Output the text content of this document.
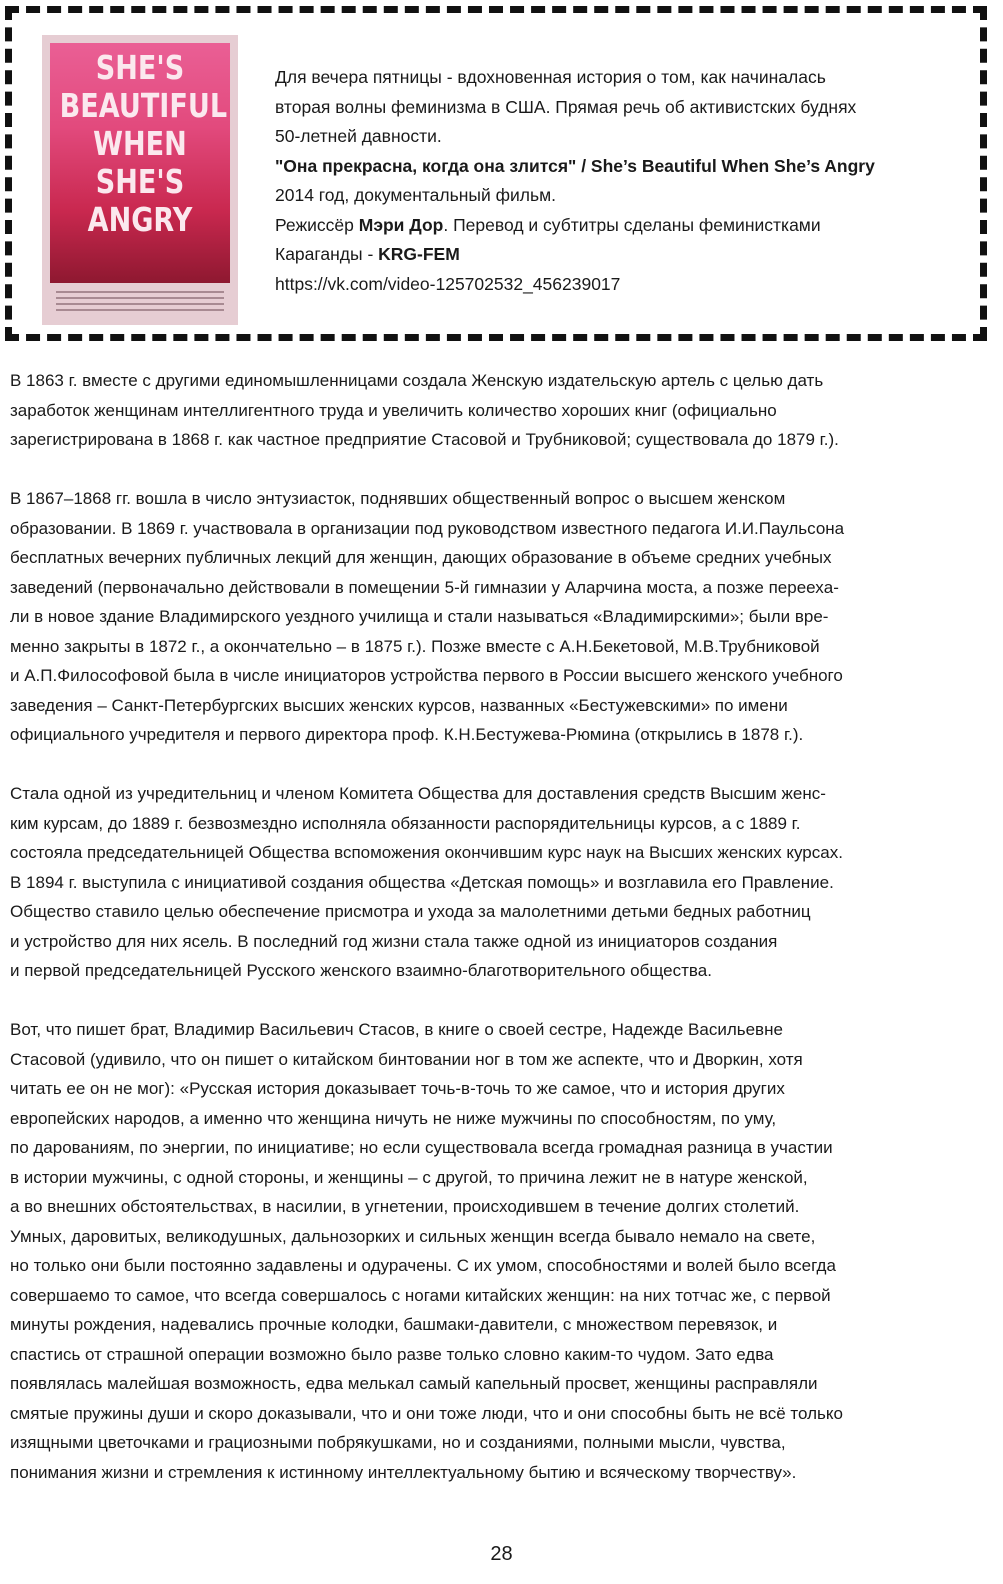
SHE'S
BEAUTIFUL
WHEN
SHE'S
ANGRY
Для вечера пятницы - вдохновенная история о том, как начиналась
вторая волны феминизма в США. Прямая речь об активистских буднях
50-летней давности.
"Она прекрасна, когда она злится" / She’s Beautiful When She’s Angry
2014 год, документальный фильм.
Режиссёр Мэри Дор. Перевод и субтитры сделаны феминистками
Караганды - KRG-FEM
https://vk.com/video-125702532_456239017
В 1863 г. вместе с другими единомышленницами создала Женскую издательскую артель с целью дать
заработок женщинам интеллигентного труда и увеличить количество хороших книг (официально
зарегистрирована в 1868 г. как частное предприятие Стасовой и Трубниковой; существовала до 1879 г.).
В 1867–1868 гг. вошла в число энтузиасток, поднявших общественный вопрос о высшем женском
образовании. В 1869 г. участвовала в организации под руководством известного педагога И.И.Паульсона
бесплатных вечерних публичных лекций для женщин, дающих образование в объеме средних учебных
заведений (первоначально действовали в помещении 5-й гимназии у Аларчина моста, а позже переехa-
ли в новое здание Владимирского уездного училища и стали называться «Владимирскими»; были вре-
менно закрыты в 1872 г., а окончательно – в 1875 г.). Позже вместе с А.Н.Бекетовой, М.В.Трубниковой
и А.П.Философовой была в числе инициаторов устройства первого в России высшего женского учебного
заведения – Санкт-Петербургских высших женских курсов, названных «Бестужевскими» по имени
официального учредителя и первого директора проф. К.Н.Бестужева-Рюмина (открылись в 1878 г.).
Стала одной из учредительниц и членом Комитета Общества для доставления средств Высшим женс-
ким курсам, до 1889 г. безвозмездно исполняла обязанности распорядительницы курсов, а с 1889 г.
состояла председательницей Общества вспоможения окончившим курс наук на Высших женских курсах.
В 1894 г. выступила с инициативой создания общества «Детская помощь» и возглавила его Правление.
Общество ставило целью обеспечение присмотра и ухода за малолетними детьми бедных работниц
и устройство для них ясель. В последний год жизни стала также одной из инициаторов создания
и первой председательницей Русского женского взаимно-благотворительного общества.
Вот, что пишет брат, Владимир Васильевич Стасов, в книге о своей сестре, Надежде Васильевне
Стасовой (удивило, что он пишет о китайском бинтовании ног в том же аспекте, что и Дворкин, хотя
читать ее он не мог): «Русская история доказывает точь-в-точь то же самое, что и история других
европейских народов, а именно что женщина ничуть не ниже мужчины по способностям, по уму,
по дарованиям, по энергии, по инициативе; но если существовала всегда громадная разница в участии
в истории мужчины, с одной стороны, и женщины – с другой, то причина лежит не в натуре женской,
а во внешних обстоятельствах, в насилии, в угнетении, происходившем в течение долгих столетий.
Умных, даровитых, великодушных, дальнозорких и сильных женщин всегда бывало немало на свете,
но только они были постоянно задавлены и одурачены. С их умом, способностями и волей было всегда
совершаемо то самое, что всегда совершалось с ногами китайских женщин: на них тотчас же, с первой
минуты рождения, надевались прочные колодки, башмаки-давители, с множеством перевязок, и
спастись от страшной операции возможно было разве только словно каким-то чудом. Зато едва
появлялась малейшая возможность, едва мелькал самый капельный просвет, женщины расправляли
смятые пружины души и скоро доказывали, что и они тоже люди, что и они способны быть не всё только
изящными цветочками и грациозными побрякушками, но и созданиями, полными мысли, чувства,
понимания жизни и стремления к истинному интеллектуальному бытию и всяческому творчеству».
28
